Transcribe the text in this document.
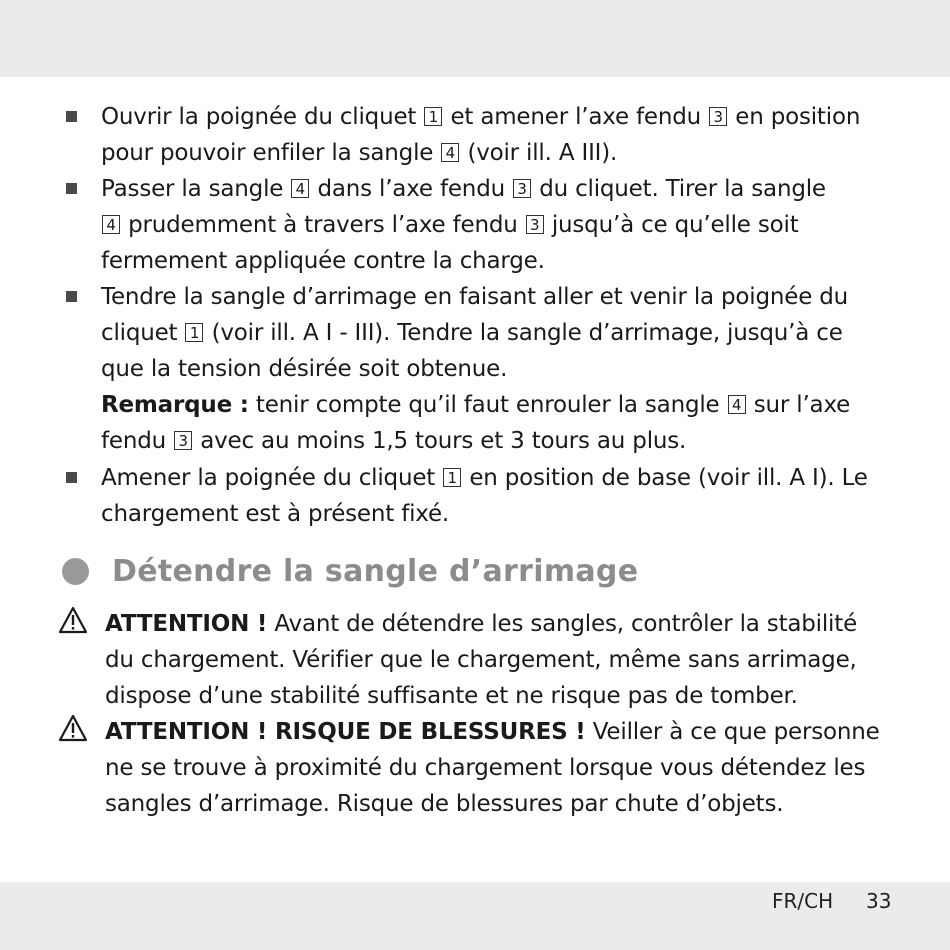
Ouvrir la poignée du cliquet 1 et amener l’axe fendu 3 en position
pour pouvoir enfiler la sangle 4 (voir ill. A III).
Passer la sangle 4 dans l’axe fendu 3 du cliquet. Tirer la sangle
4 prudemment à travers l’axe fendu 3 jusqu’à ce qu’elle soit
fermement appliquée contre la charge.
Tendre la sangle d’arrimage en faisant aller et venir la poignée du
cliquet 1 (voir ill. A I - III). Tendre la sangle d’arrimage, jusqu’à ce
que la tension désirée soit obtenue.
Remarque : tenir compte qu’il faut enrouler la sangle 4 sur l’axe
fendu 3 avec au moins 1,5 tours et 3 tours au plus.
Amener la poignée du cliquet 1 en position de base (voir ill. A I). Le
chargement est à présent fixé.
Détendre la sangle d’arrimage
ATTENTION ! Avant de détendre les sangles, contrôler la stabilité
du chargement. Vérifier que le chargement, même sans arrimage,
dispose d’une stabilité suffisante et ne risque pas de tomber.
ATTENTION ! RISQUE DE BLESSURES ! Veiller à ce que personne
ne se trouve à proximité du chargement lorsque vous détendez les
sangles d’arrimage. Risque de blessures par chute d’objets.
FR/CH 33
